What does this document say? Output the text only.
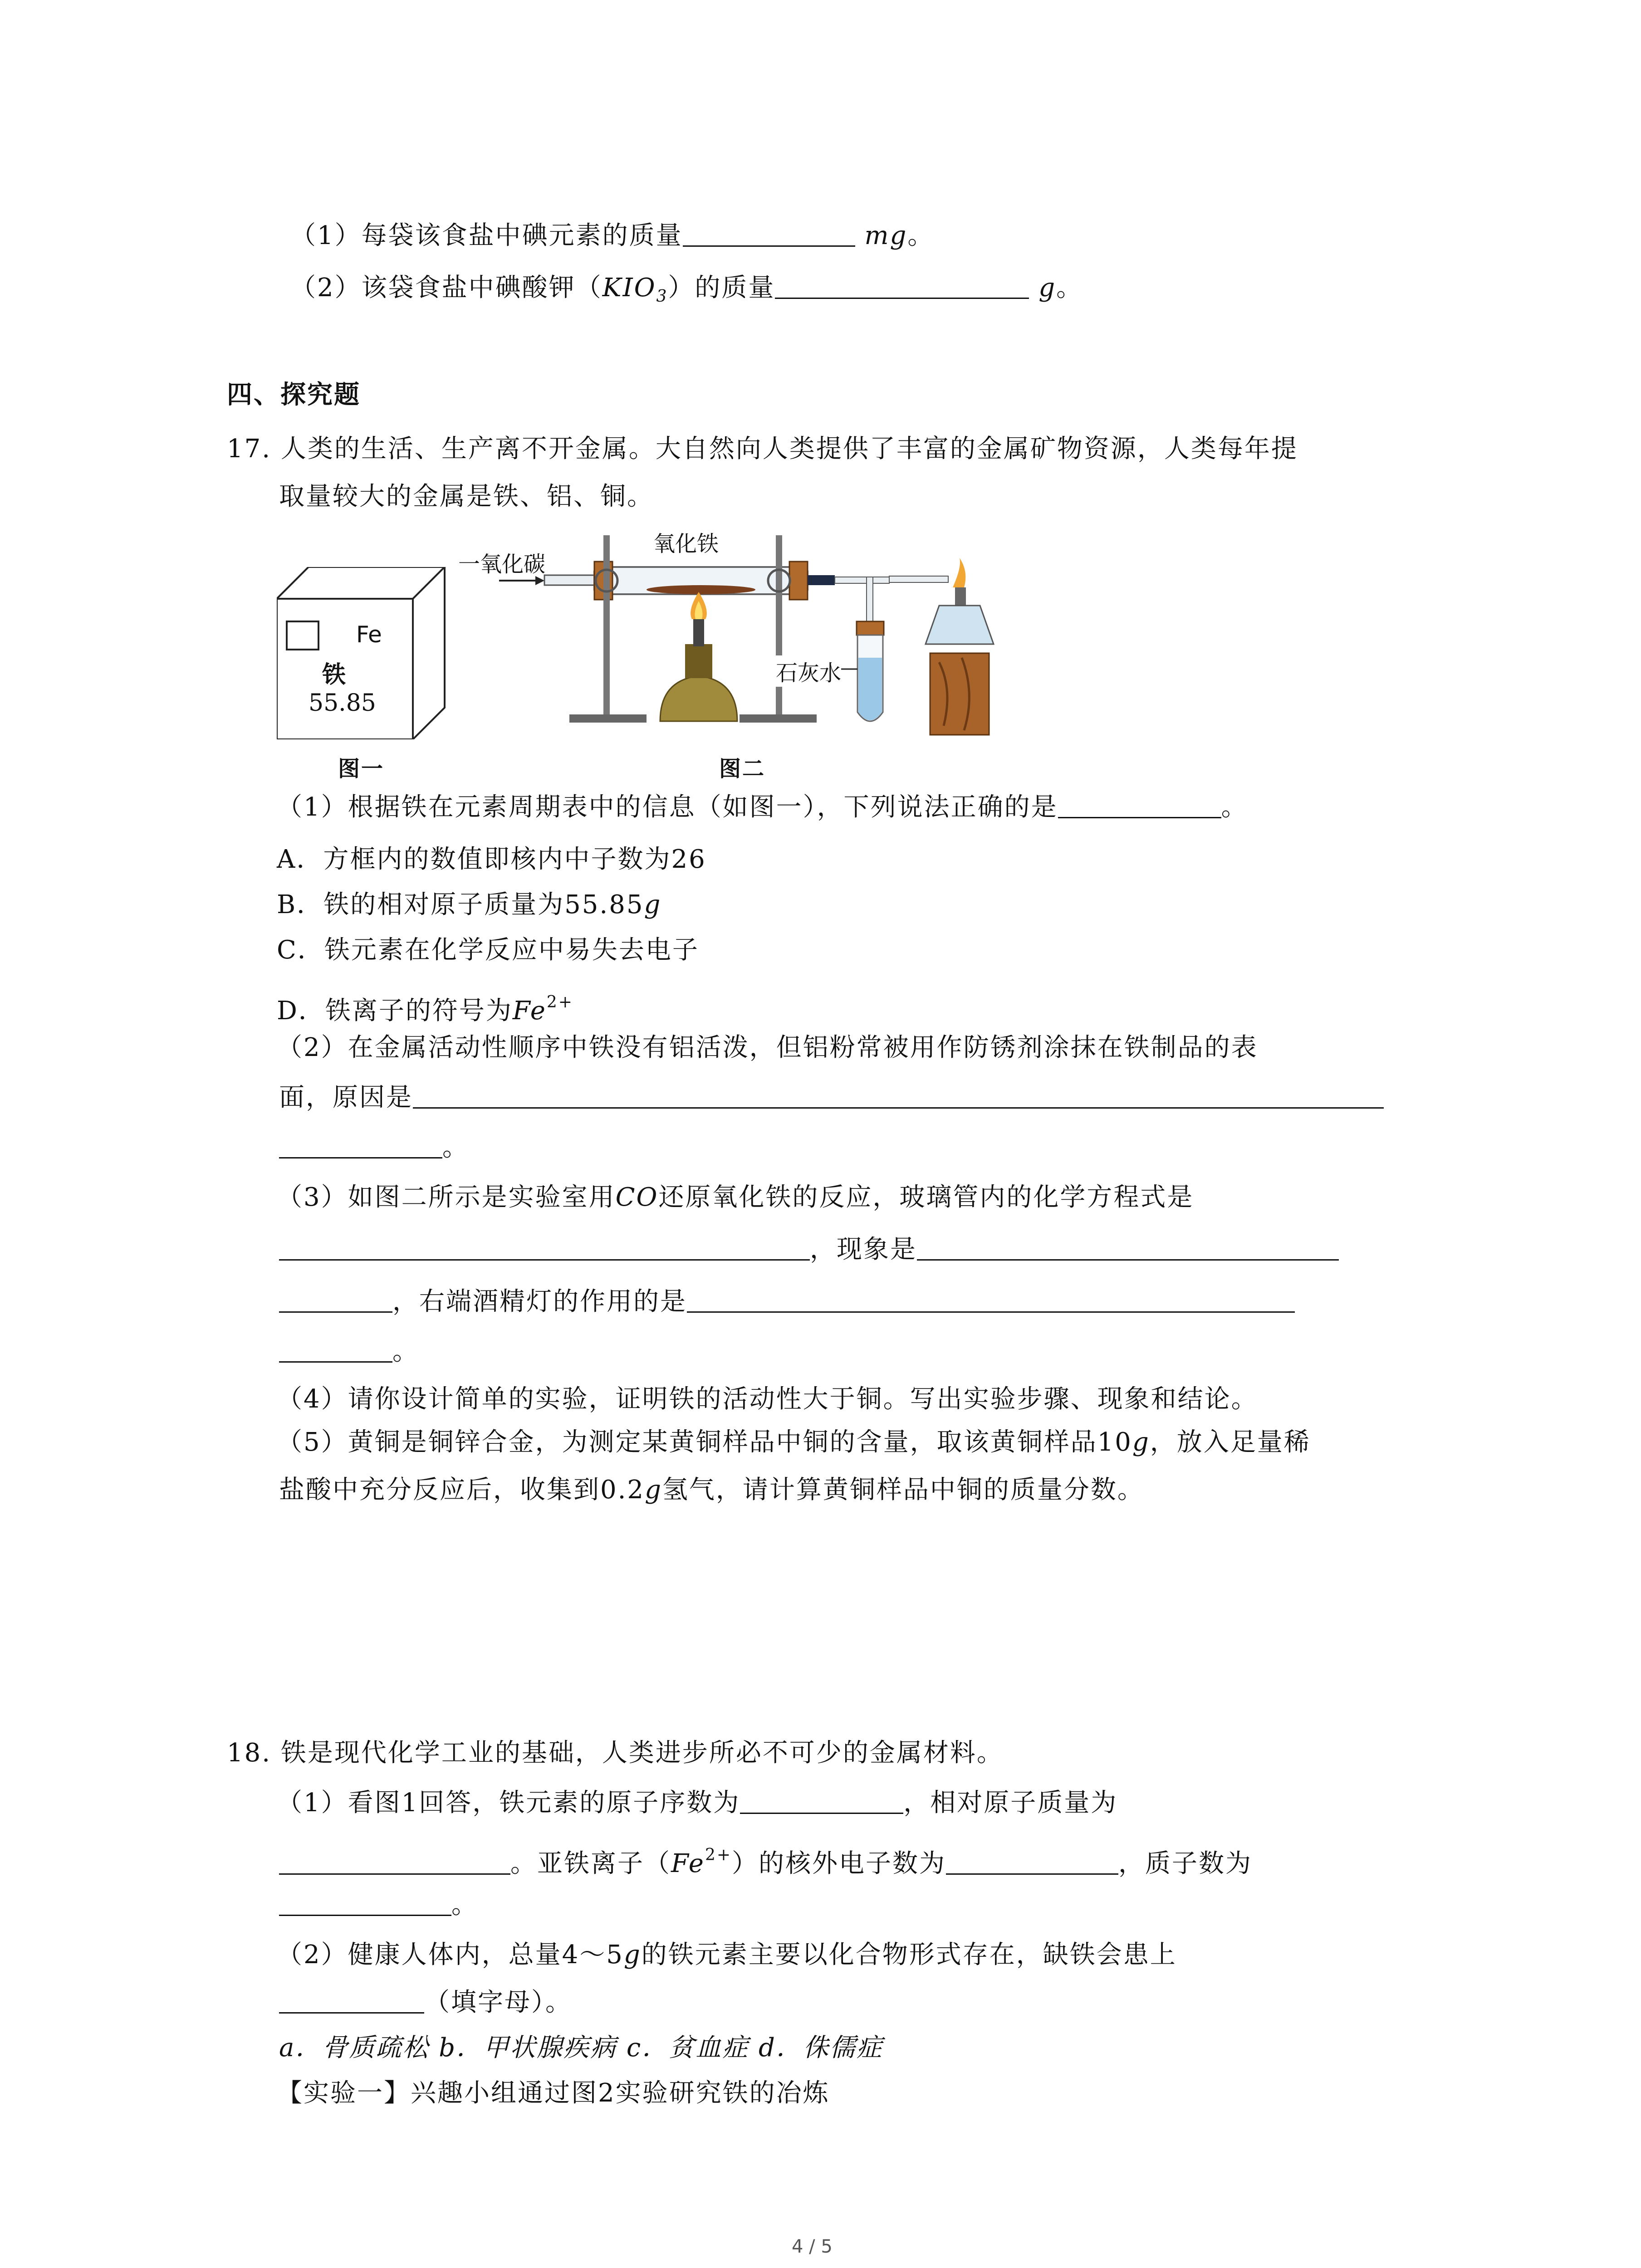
（1）每袋该食盐中碘元素的质量	mg。
（2）该袋食盐中碘酸钾$(KIO_3)$的质量	g。
四、探究题
17. 人类的生活、生产离不开金属。大自然向人类提供了丰富的金属矿物资源，人类每年提
取量较大的金属是铁、铝、铜。
Fe
铁
55.85
图一
一氧化碳
氧化铁
石灰水
图二
（1）根据铁在元素周期表中的信息（如图一），下列说法正确的是	。
A．方框内的数值即核内中子数为26
B．铁的相对原子质量为55.85g
C．铁元素在化学反应中易失去电子
D．铁离子的符号为$Fe^{2+}$
（2）在金属活动性顺序中铁没有铝活泼，但铝粉常被用作防锈剂涂抹在铁制品的表
面，原因是
。
（3）如图二所示是实验室用CO还原氧化铁的反应，玻璃管内的化学方程式是
，现象是
，右端酒精灯的作用的是
。
（4）请你设计简单的实验，证明铁的活动性大于铜。写出实验步骤、现象和结论。
（5）黄铜是铜锌合金，为测定某黄铜样品中铜的含量，取该黄铜样品10g，放入足量稀
盐酸中充分反应后，收集到0.2g氢气，请计算黄铜样品中铜的质量分数。
18. 铁是现代化学工业的基础，人类进步所必不可少的金属材料。
（1）看图1回答，铁元素的原子序数为	，相对原子质量为
。亚铁离子$(Fe^{2+})$的核外电子数为	，质子数为
。
（2）健康人体内，总量4～5g的铁元素主要以化合物形式存在，缺铁会患上
（填字母）。
a．骨质疏松 b．甲状腺疾病 c．贫血症 d．侏儒症
【实验一】兴趣小组通过图2实验研究铁的冶炼
4 / 5
